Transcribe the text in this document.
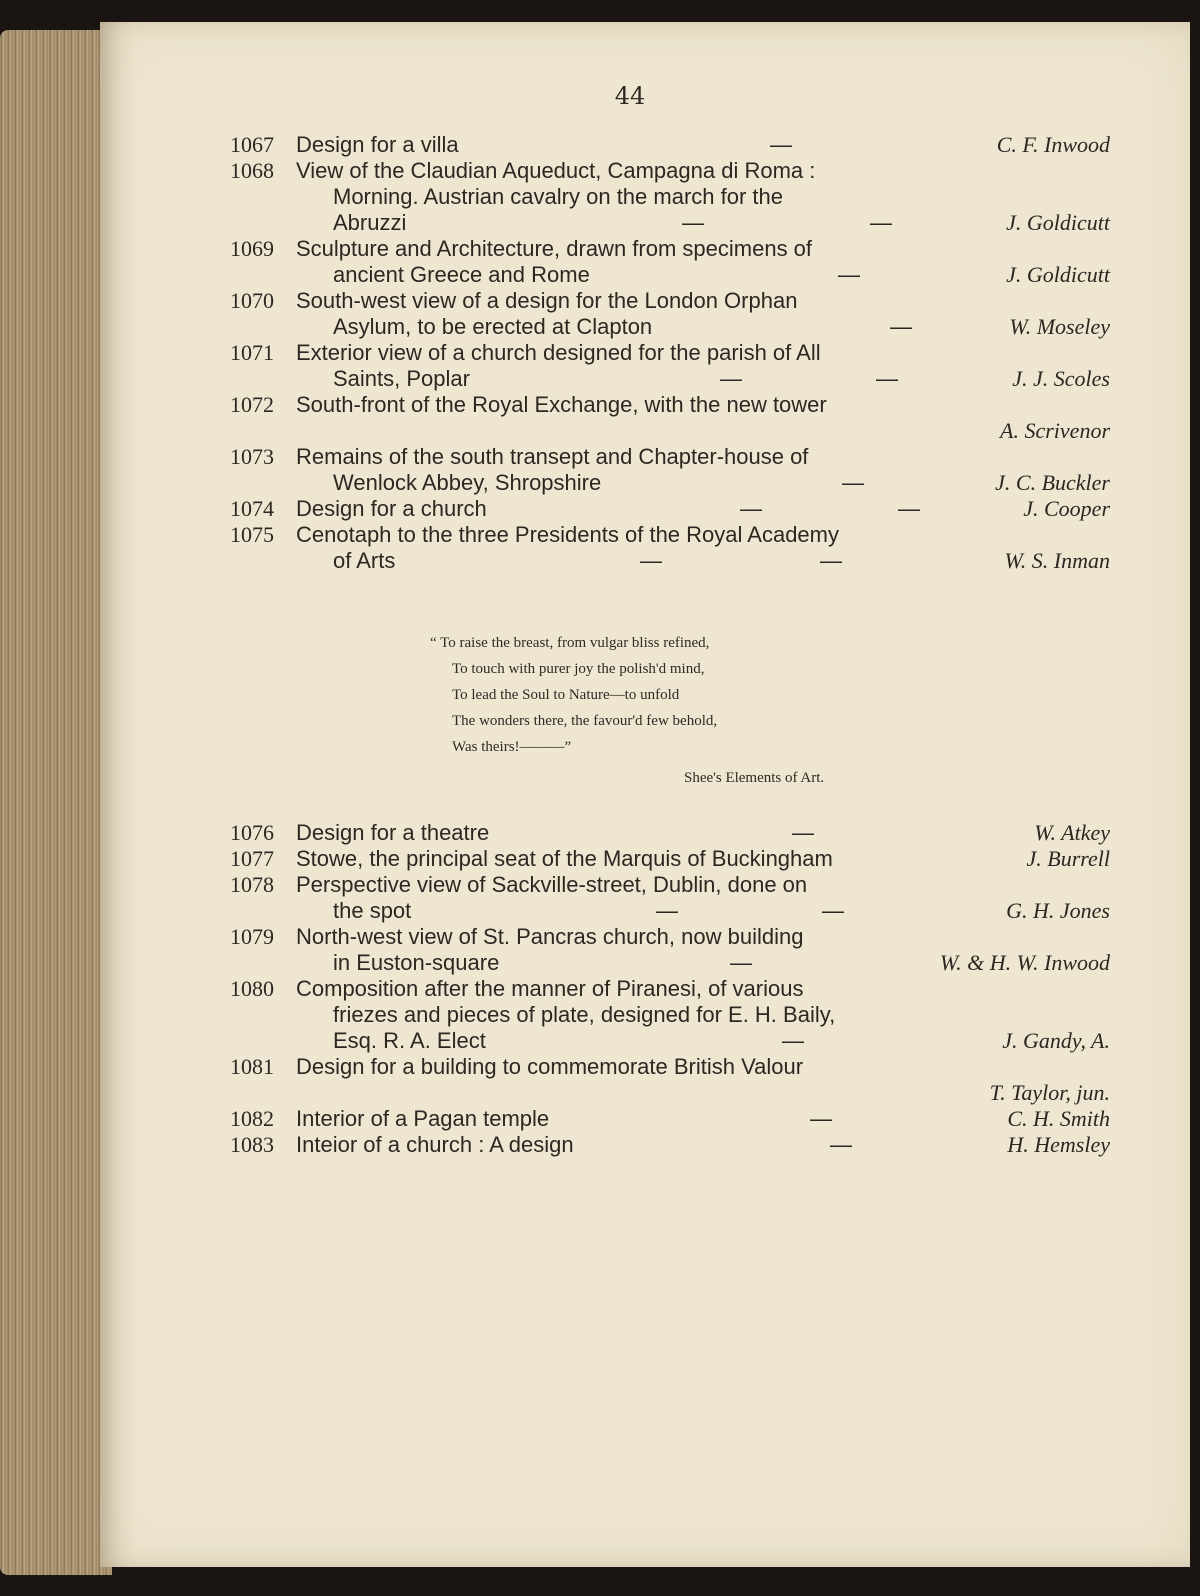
44
1067	Design for a villa	—	C. F. Inwood
1068	View of the Claudian Aqueduct, Campagna di Roma :
Morning. Austrian cavalry on the march for the
Abruzzi	—	—	J. Goldicutt
1069	Sculpture and Architecture, drawn from specimens of
ancient Greece and Rome	—	J. Goldicutt
1070	South-west view of a design for the London Orphan
Asylum, to be erected at Clapton	—	W. Moseley
1071	Exterior view of a church designed for the parish of All
Saints, Poplar	—	—	J. J. Scoles
1072	South-front of the Royal Exchange, with the new tower
A. Scrivenor
1073	Remains of the south transept and Chapter-house of
Wenlock Abbey, Shropshire	—	J. C. Buckler
1074	Design for a church	—	—	J. Cooper
1075	Cenotaph to the three Presidents of the Royal Academy
of Arts	—	—	W. S. Inman
“ To raise the breast, from vulgar bliss refined,
To touch with purer joy the polish'd mind,
To lead the Soul to Nature—to unfold
The wonders there, the favour'd few behold,
Was theirs!———”
Shee's Elements of Art.
1076	Design for a theatre	—	W. Atkey
1077	Stowe, the principal seat of the Marquis of Buckingham	J. Burrell
1078	Perspective view of Sackville-street, Dublin, done on
the spot	—	—	G. H. Jones
1079	North-west view of St. Pancras church, now building
in Euston-square	—	W. & H. W. Inwood
1080	Composition after the manner of Piranesi, of various
friezes and pieces of plate, designed for E. H. Baily,
Esq. R. A. Elect	—	J. Gandy, A.
1081	Design for a building to commemorate British Valour
T. Taylor, jun.
1082	Interior of a Pagan temple	—	C. H. Smith
1083	Inteior of a church : A design	—	H. Hemsley
